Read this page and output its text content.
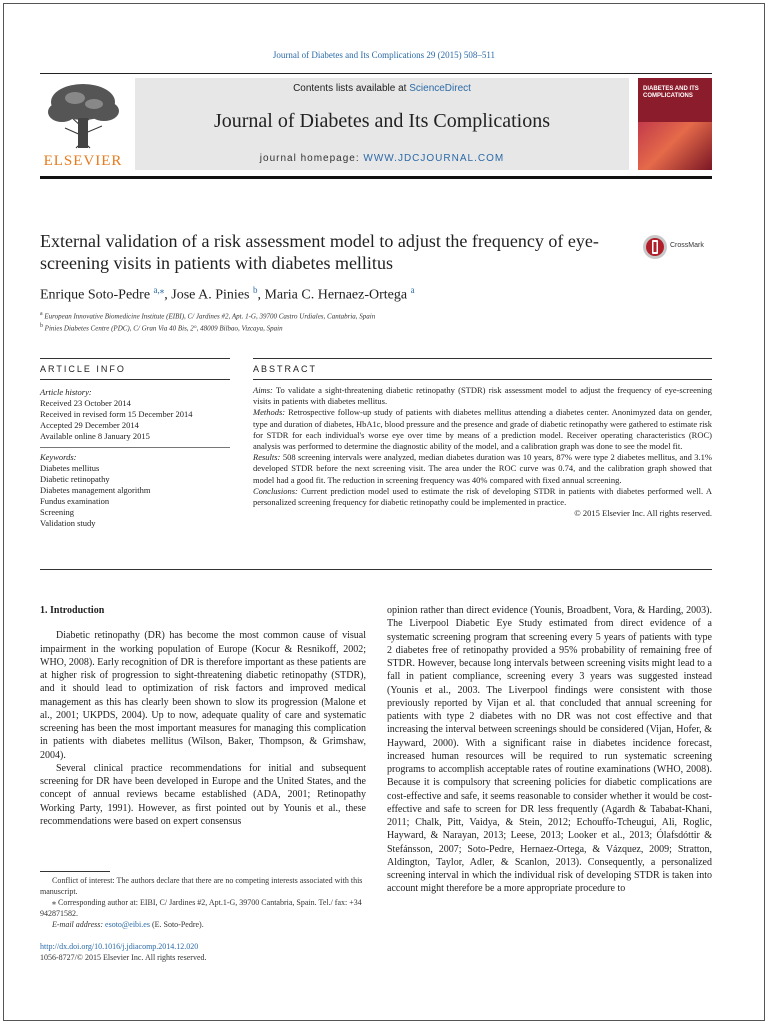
Journal of Diabetes and Its Complications 29 (2015) 508–511
ELSEVIER
Contents lists available at ScienceDirect
Journal of Diabetes and Its Complications
journal homepage: WWW.JDCJOURNAL.COM
DIABETES AND ITS COMPLICATIONS
External validation of a risk assessment model to adjust the frequency of eye-screening visits in patients with diabetes mellitus
CrossMark
Enrique Soto-Pedre $^{a,⁎}$, Jose A. Pinies $^b$, Maria C. Hernaez-Ortega $^a$
$^a$ European Innovative Biomedicine Institute (EIBI), C/ Jardines #2, Apt. 1-G, 39700 Castro Urdiales, Cantabria, Spain
$^b$ Pinies Diabetes Centre (PDC), C/ Gran Via 40 Bis, 2°, 48009 Bilbao, Vizcaya, Spain
ARTICLE INFO	ABSTRACT
Article history:
Received 23 October 2014
Received in revised form 15 December 2014
Accepted 29 December 2014
Available online 8 January 2015
Keywords:
Diabetes mellitus
Diabetic retinopathy
Diabetes management algorithm
Fundus examination
Screening
Validation study

Aims: To validate a sight-threatening diabetic retinopathy (STDR) risk assessment model to adjust the frequency of eye-screening visits in patients with diabetes mellitus.

Methods: Retrospective follow-up study of patients with diabetes mellitus attending a diabetes center. Anonimyzed data on gender, type and duration of diabetes, HbA1c, blood pressure and the presence and grade of diabetic retinopathy were gathered to estimate risk for STDR for each individual's worse eye over time by means of a prediction model. Receiver operating characteristics (ROC) analysis was performed to determine the diagnostic ability of the model, and a calibration graph was done to see the model fit.

Results: 508 screening intervals were analyzed, median diabetes duration was 10 years, 87% were type 2 diabetes mellitus, and 3.1% developed STDR before the next screening visit. The area under the ROC curve was 0.74, and the calibration graph showed that model had a good fit. The reduction in screening frequency was 40% compared with fixed annual screening.

Conclusions: Current prediction model used to estimate the risk of developing STDR in patients with diabetes performed well. A personalized screening frequency for diabetic retinopathy could be implemented in practice.

© 2015 Elsevier Inc. All rights reserved.

1. Introduction

Diabetic retinopathy (DR) has become the most common cause of visual impairment in the working population of Europe (Kocur & Resnikoff, 2002; WHO, 2008). Early recognition of DR is therefore important as these patients are at higher risk of progression to sight-threatening diabetic retinopathy (STDR), and it should lead to optimization of risk factors and improved medical management as this has clearly been shown to slow its progression (Malone et al., 2001; UKPDS, 2004). Up to now, adequate quality of care and systematic screening has been the most important measures for managing this complication in patients with diabetes mellitus (Wilson, Baker, Thompson, & Grimshaw, 2004).

Several clinical practice recommendations for initial and subsequent screening for DR have been developed in Europe and the United States, and the concept of annual reviews became established (ADA, 2001; Retinopathy Working Party, 1991). However, as first pointed out by Younis et al., these recommendations were based on expert consensus

opinion rather than direct evidence (Younis, Broadbent, Vora, & Harding, 2003). The Liverpool Diabetic Eye Study estimated from direct evidence of a systematic screening program that screening every 5 years of patients with type 2 diabetes free of retinopathy provided a 95% probability of remaining free of STDR. However, because long intervals between screening visits might lead to a fall in patient compliance, screening every 3 years was suggested instead (Younis et al., 2003. The Liverpool findings were consistent with those previously reported by Vijan et al. that concluded that annual screening for patients with type 2 diabetes with no DR was not cost effective and that increasing the interval between screenings should be considered (Vijan, Hofer, & Hayward, 2000). With a significant raise in diabetes incidence forecast, increased human resources will be required to run systematic screening programs to accomplish acceptable rates of routine examinations (WHO, 2008). Because it is compulsory that screening policies for diabetic complications are cost-effective and safe, it seems reasonable to consider whether it would be cost-effective and safe to screen for DR less frequently (Agardh & Tababat-Khani, 2011; Chalk, Pitt, Vaidya, & Stein, 2012; Echouffo-Tcheugui, Ali, Roglic, Hayward, & Narayan, 2013; Leese, 2013; Looker et al., 2013; Ólafsdóttir & Stefánsson, 2007; Soto-Pedre, Hernaez-Ortega, & Vázquez, 2009; Stratton, Aldington, Taylor, Adler, & Scanlon, 2013). Consequently, a personalized screening interval in which the individual risk of developing STDR is taken into account might therefore be a more appropriate procedure to

Conflict of interest: The authors declare that there are no competing interests associated with this manuscript.

⁎ Corresponding author at: EIBI, C/ Jardines #2, Apt.1-G, 39700 Cantabria, Spain. Tel./ fax: +34 942871582.

E-mail address: esoto@eibi.es (E. Soto-Pedre).

http://dx.doi.org/10.1016/j.jdiacomp.2014.12.020
1056-8727/© 2015 Elsevier Inc. All rights reserved.
